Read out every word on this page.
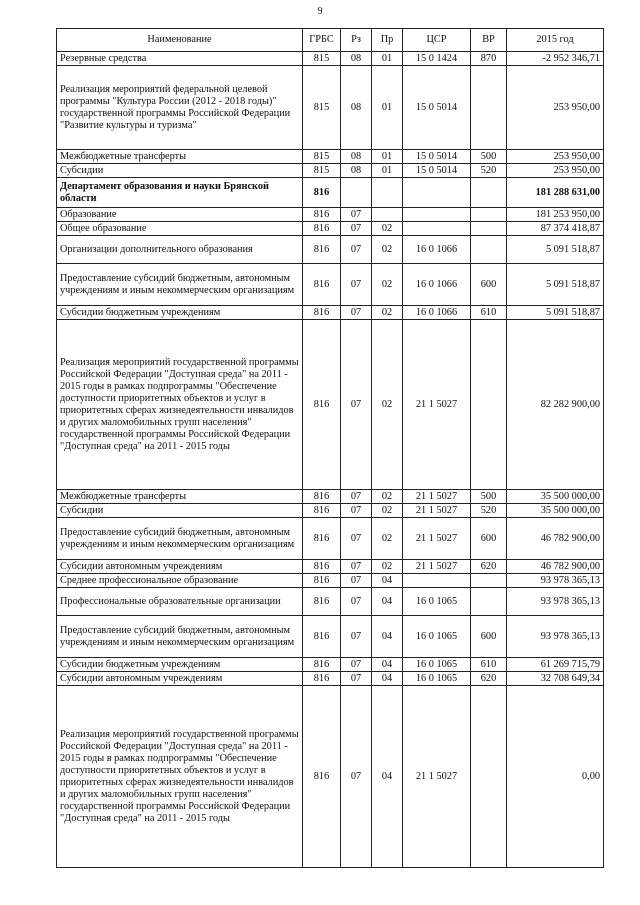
9
Наименование	ГРБС	Рз	Пр	ЦСР	ВР	2015 год
Резервные средства	815	08	01	15 0 1424	870	-2 952 346,71
Реализация мероприятий федеральной целевой программы "Культура России (2012 - 2018 годы)" государственной программы Российской Федерации "Развитие культуры и туризма"	815	08	01	15 0 5014		253 950,00
Межбюджетные трансферты	815	08	01	15 0 5014	500	253 950,00
Субсидии	815	08	01	15 0 5014	520	253 950,00
Департамент образования и науки Брянской области	816					181 288 631,00
Образование	816	07				181 253 950,00
Общее образование	816	07	02			87 374 418,87
Организации дополнительного образования	816	07	02	16 0 1066		5 091 518,87
Предоставление субсидий бюджетным, автономным учреждениям и иным некоммерческим организациям	816	07	02	16 0 1066	600	5 091 518,87
Субсидии бюджетным учреждениям	816	07	02	16 0 1066	610	5 091 518,87
Реализация мероприятий государственной программы Российской Федерации "Доступная среда" на 2011 - 2015 годы в рамках подпрограммы "Обеспечение доступности приоритетных объектов и услуг в приоритетных сферах жизнедеятельности инвалидов и других маломобильных групп населения" государственной программы Российской Федерации "Доступная среда" на 2011 - 2015 годы	816	07	02	21 1 5027		82 282 900,00
Межбюджетные трансферты	816	07	02	21 1 5027	500	35 500 000,00
Субсидии	816	07	02	21 1 5027	520	35 500 000,00
Предоставление субсидий бюджетным, автономным учреждениям и иным некоммерческим организациям	816	07	02	21 1 5027	600	46 782 900,00
Субсидии автономным учреждениям	816	07	02	21 1 5027	620	46 782 900,00
Среднее профессиональное образование	816	07	04			93 978 365,13
Профессиональные образовательные организации	816	07	04	16 0 1065		93 978 365,13
Предоставление субсидий бюджетным, автономным учреждениям и иным некоммерческим организациям	816	07	04	16 0 1065	600	93 978 365,13
Субсидии бюджетным учреждениям	816	07	04	16 0 1065	610	61 269 715,79
Субсидии автономным учреждениям	816	07	04	16 0 1065	620	32 708 649,34
Реализация мероприятий государственной программы Российской Федерации "Доступная среда" на 2011 - 2015 годы в рамках подпрограммы "Обеспечение доступности приоритетных объектов и услуг в приоритетных сферах жизнедеятельности инвалидов и других маломобильных групп населения" государственной программы Российской Федерации "Доступная среда" на 2011 - 2015 годы	816	07	04	21 1 5027		0,00
